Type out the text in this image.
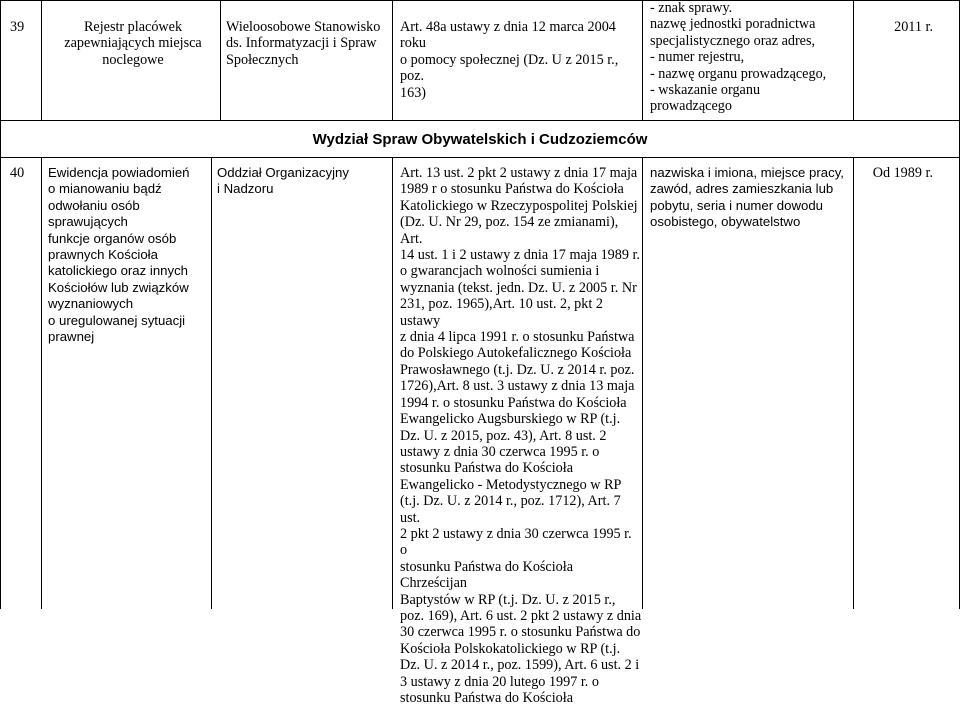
39	Rejestr placówek
zapewniających miejsca
noclegowe
Wieloosobowe Stanowisko
ds. Informatyzacji i Spraw
Społecznych
Art. 48a ustawy z dnia 12 marca 2004 roku
o pomocy społecznej (Dz. U z 2015 r., poz.
163)
- znak sprawy.
nazwę jednostki poradnictwa
specjalistycznego oraz adres,
- numer rejestru,
- nazwę organu prowadzącego,
- wskazanie organu
prowadzącego
2011 r.
Wydział Spraw Obywatelskich i Cudzoziemców
40	Ewidencja powiadomień
o mianowaniu bądź
odwołaniu osób sprawujących
funkcje organów osób
prawnych Kościoła
katolickiego oraz innych
Kościołów lub związków
wyznaniowych
o uregulowanej sytuacji
prawnej
Oddział Organizacyjny
i Nadzoru
Art. 13 ust. 2 pkt 2 ustawy z dnia 17 maja
1989 r o stosunku Państwa do Kościoła
Katolickiego w Rzeczypospolitej Polskiej
(Dz. U. Nr 29, poz. 154 ze zmianami), Art.
14 ust. 1 i 2 ustawy z dnia 17 maja 1989 r.
o gwarancjach wolności sumienia i
wyznania (tekst. jedn. Dz. U. z 2005 r. Nr
231, poz. 1965),Art. 10 ust. 2, pkt 2 ustawy
z dnia 4 lipca 1991 r. o stosunku Państwa
do Polskiego Autokefalicznego Kościoła
Prawosławnego (t.j. Dz. U. z 2014 r. poz.
1726),Art. 8 ust. 3 ustawy z dnia 13 maja
1994 r. o stosunku Państwa do Kościoła
Ewangelicko Augsburskiego w RP (t.j.
Dz. U. z 2015, poz. 43), Art. 8 ust. 2
ustawy z dnia 30 czerwca 1995 r. o
stosunku Państwa do Kościoła
Ewangelicko - Metodystycznego w RP
(t.j. Dz. U. z 2014 r., poz. 1712), Art. 7 ust.
2 pkt 2 ustawy z dnia 30 czerwca 1995 r. o
stosunku Państwa do Kościoła Chrześcijan
Baptystów w RP (t.j. Dz. U. z 2015 r.,
poz. 169), Art. 6 ust. 2 pkt 2 ustawy z dnia
30 czerwca 1995 r. o stosunku Państwa do
Kościoła Polskokatolickiego w RP (t.j.
Dz. U. z 2014 r., poz. 1599), Art. 6 ust. 2 i
3 ustawy z dnia 20 lutego 1997 r. o
stosunku Państwa do Kościoła
nazwiska i imiona, miejsce pracy,
zawód, adres zamieszkania lub
pobytu, seria i numer dowodu
osobistego, obywatelstwo
Od 1989 r.
